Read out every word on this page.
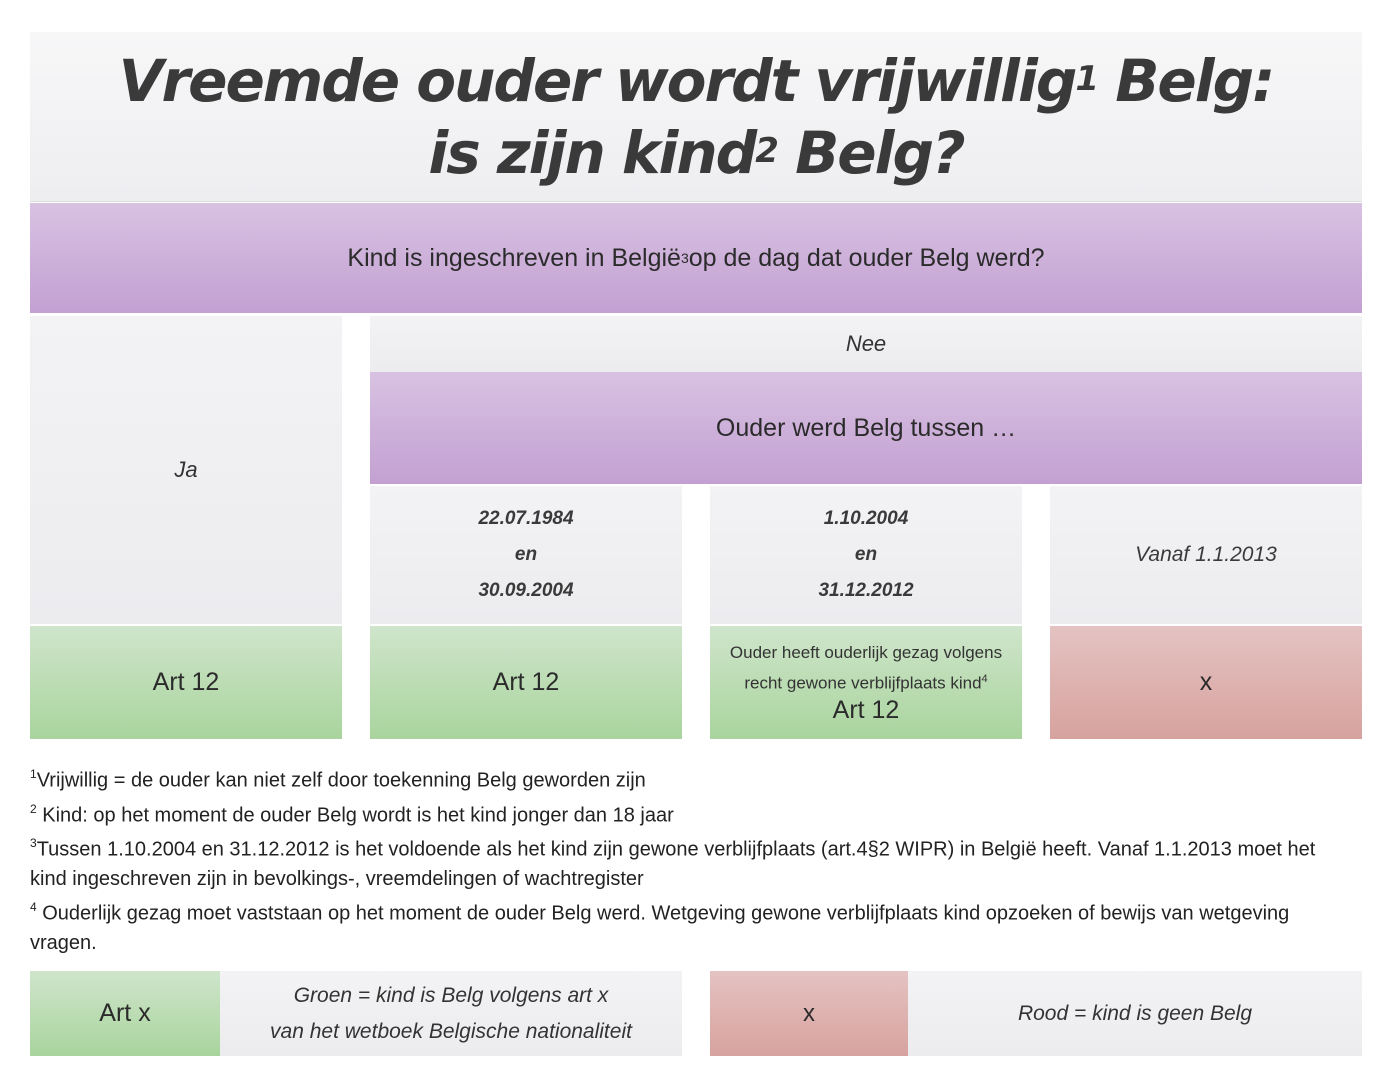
Vreemde ouder wordt vrijwillig$^1$ Belg:
is zijn kind$^2$ Belg?
Kind is ingeschreven in België 3 op de dag dat ouder Belg werd?
Ja
Nee
Ouder werd Belg tussen …
22.07.1984
en
30.09.2004
1.10.2004
en
31.12.2012
Vanaf 1.1.2013
Art 12	Art 12
Ouder heeft ouderlijk gezag volgens
recht gewone verblijfplaats kind$^4$
Art 12
x

$^1$Vrijwillig = de ouder kan niet zelf door toekenning Belg geworden zijn

$^2$ Kind: op het moment de ouder Belg wordt is het kind jonger dan 18 jaar

$^3$Tussen 1.10.2004 en 31.12.2012 is het voldoende als het kind zijn gewone verblijfplaats (art.4§2 WIPR) in België heeft. Vanaf 1.1.2013 moet het kind ingeschreven zijn in bevolkings-, vreemdelingen of wachtregister

$^4$ Ouderlijk gezag moet vaststaan op het moment de ouder Belg werd. Wetgeving gewone verblijfplaats kind opzoeken of bewijs van wetgeving vragen.

Art x
Groen = kind is Belg volgens art x
van het wetboek Belgische nationaliteit
x	Rood = kind is geen Belg
